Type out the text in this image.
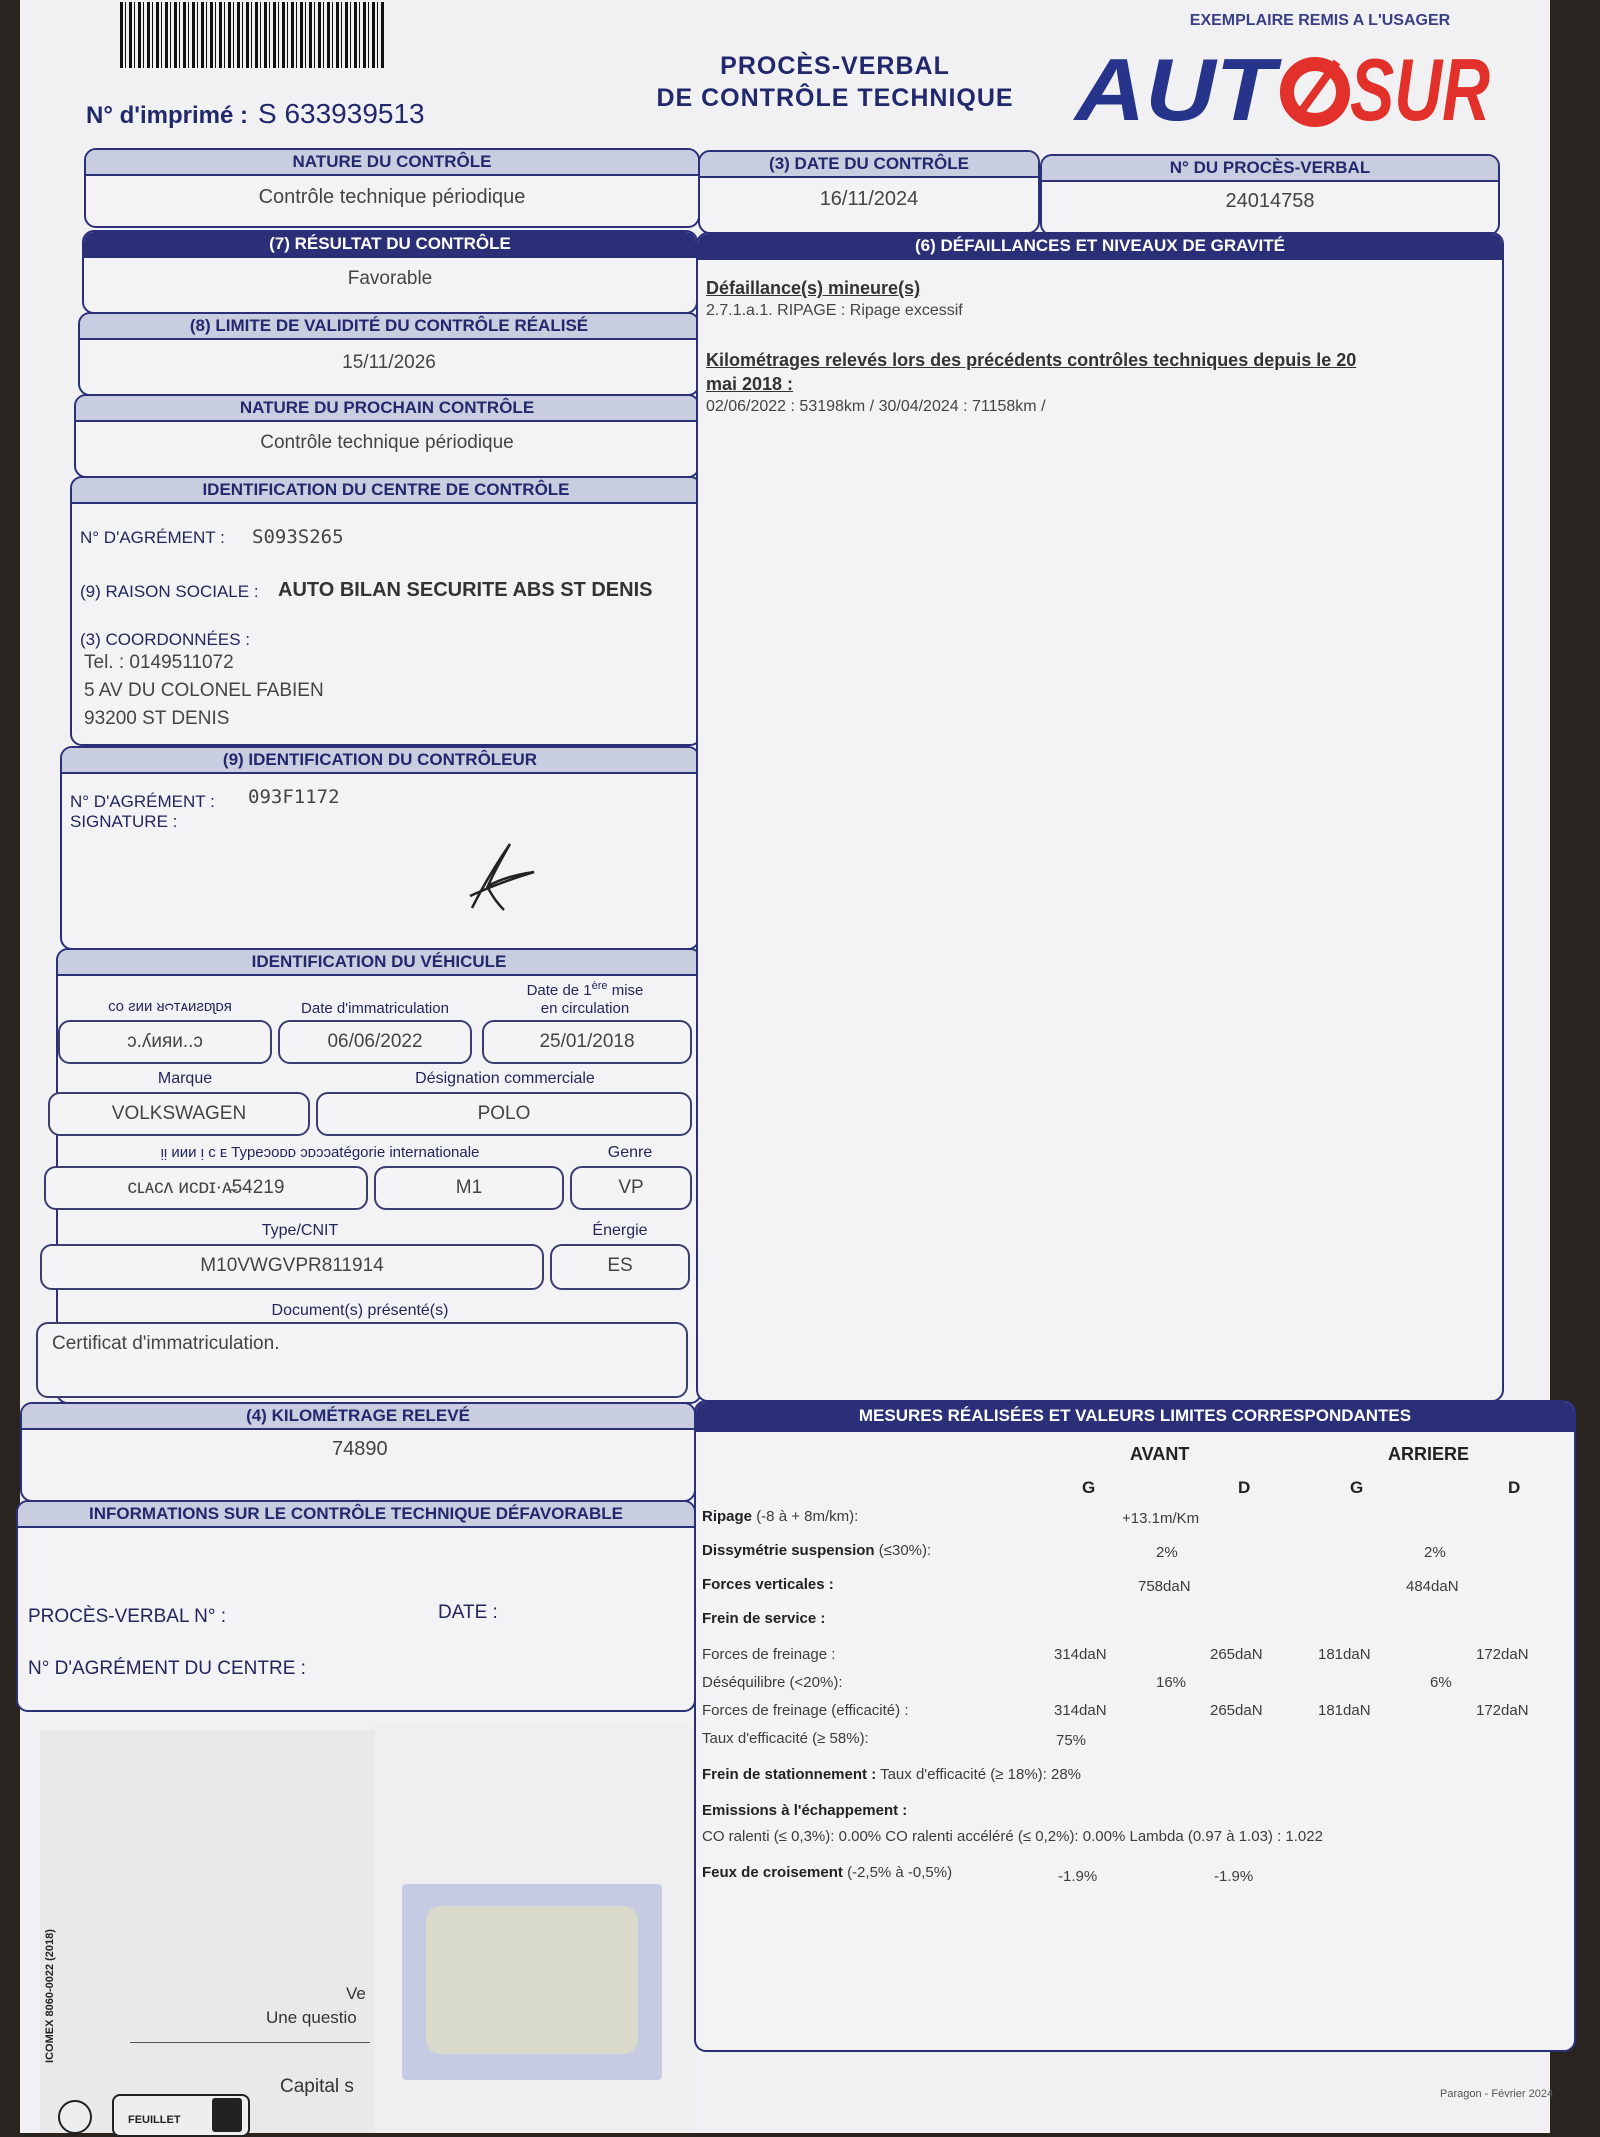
N° d'imprimé : S 633939513
PROCÈS-VERBAL
DE CONTRÔLE TECHNIQUE
EXEMPLAIRE REMIS A L'USAGER
AUT SUR
NATURE DU CONTRÔLE
Contrôle technique périodique
(3) DATE DU CONTRÔLE
16/11/2024
N° DU PROCÈS-VERBAL
24014758
(7) RÉSULTAT DU CONTRÔLE
Favorable
(8) LIMITE DE VALIDITÉ DU CONTRÔLE RÉALISÉ
15/11/2026
NATURE DU PROCHAIN CONTRÔLE
Contrôle technique périodique
IDENTIFICATION DU CENTRE DE CONTRÔLE
N° D'AGRÉMENT : S093S265
(9) RAISON SOCIALE : AUTO BILAN SECURITE ABS ST DENIS
(3) COORDONNÉES :
Tel. : 0149511072
5 AV DU COLONEL FABIEN
93200 ST DENIS
(9) IDENTIFICATION DU CONTRÔLEUR
N° D'AGRÉMENT : 093F1172
SIGNATURE :
IDENTIFICATION DU VÉHICULE
ᴄᴏ ƨᴎᴎ ᴚᴒᴛᴀᴎƨᴅʅᴅᴙ
ɔ.ʎᴎᴙᴎ..ɔ
Date d'immatriculation
06/06/2022
Date de 1ère mise
en circulation
25/01/2018
Marque
VOLKSWAGEN
Désignation commerciale
POLO
ᴉᴉ ᴎᴎᴎ ᴉ ᴄ ᴇ Typeɔᴏᴅᴅ ɔᴅɔɔatégorie internationale	Genre
ᴄʟᴀᴄʌ ᴎᴄᴅɪ·ᴧ̶54219	M1	VP
Type/CNIT	Énergie
M10VWGVPR811914	ES
Document(s) présenté(s)
Certificat d'immatriculation.
(4) KILOMÉTRAGE RELEVÉ
74890
INFORMATIONS SUR LE CONTRÔLE TECHNIQUE DÉFAVORABLE
PROCÈS-VERBAL N° :	DATE :
N° D'AGRÉMENT DU CENTRE :
(6) DÉFAILLANCES ET NIVEAUX DE GRAVITÉ
Défaillance(s) mineure(s)
2.7.1.a.1. RIPAGE : Ripage excessif
Kilométrages relevés lors des précédents contrôles techniques depuis le 20
mai 2018 :
02/06/2022 : 53198km / 30/04/2024 : 71158km /
MESURES RÉALISÉES ET VALEURS LIMITES CORRESPONDANTES
AVANT	ARRIERE
G	D	G	D
Ripage (-8 à + 8m/km):	+13.1m/Km
Dissymétrie suspension (≤30%):	2%	2%
Forces verticales :	758daN	484daN
Frein de service :
Forces de freinage :	314daN	265daN	181daN	172daN
Déséquilibre (<20%):	16%	6%
Forces de freinage (efficacité) :	314daN	265daN	181daN	172daN
Taux d'efficacité (≥ 58%):	75%
Frein de stationnement : Taux d'efficacité (≥ 18%): 28%
Emissions à l'échappement :
CO ralenti (≤ 0,3%): 0.00% CO ralenti accéléré (≤ 0,2%): 0.00% Lambda (0.97 à 1.03) : 1.022
Feux de croisement (-2,5% à -0,5%)	-1.9%	-1.9%
ICOMEX 8060-0022 (2018)
Paragon - Février 2024
Ve
Une questio
Capital s
FEUILLET
